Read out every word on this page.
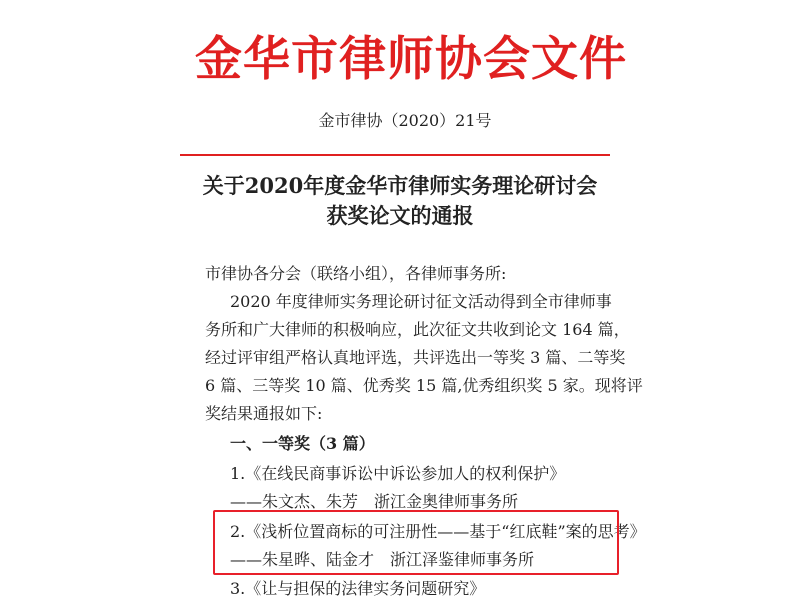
金华市律师协会文件
金市律协（2020）21号
关于2020年度金华市律师实务理论研讨会
获奖论文的通报
市律协各分会（联络小组），各律师事务所:
2020 年度律师实务理论研讨征文活动得到全市律师事
务所和广大律师的积极响应，此次征文共收到论文 164 篇，
经过评审组严格认真地评选，共评选出一等奖 3 篇、二等奖
6 篇、三等奖 10 篇、优秀奖 15 篇,优秀组织奖 5 家。现将评
奖结果通报如下:
一、一等奖（3 篇）
1.《在线民商事诉讼中诉讼参加人的权利保护》
——朱文杰、朱芳　浙江金奥律师事务所
2.《浅析位置商标的可注册性——基于“红底鞋”案的思考》
——朱星晔、陆金才　浙江泽鉴律师事务所
3.《让与担保的法律实务问题研究》
